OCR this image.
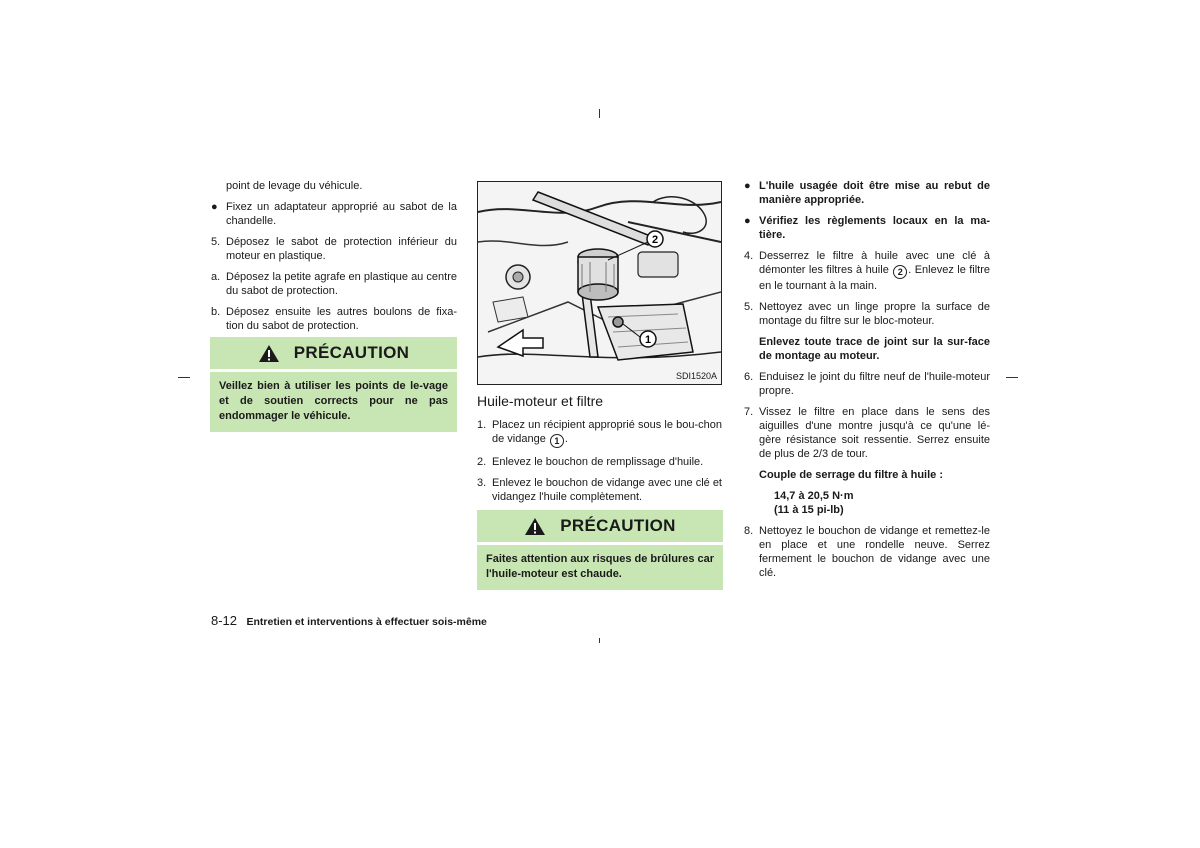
point de levage du véhicule.

● Fixez un adaptateur approprié au sabot de la chandelle.
5. Déposez le sabot de protection inférieur du moteur en plastique.
a. Déposez la petite agrafe en plastique au centre du sabot de protection.
b. Déposez ensuite les autres boulons de fixa-tion du sabot de protection.
PRÉCAUTION
Veillez bien à utiliser les points de le-vage et de soutien corrects pour ne pas endommager le véhicule.
2
1
SDI1520A
Huile-moteur et filtre
1. Placez un récipient approprié sous le bou-chon de vidange 1 .
2. Enlevez le bouchon de remplissage d'huile.
3. Enlevez le bouchon de vidange avec une clé et vidangez l'huile complètement.
PRÉCAUTION
Faites attention aux risques de brûlures car l'huile-moteur est chaude.
● L'huile usagée doit être mise au rebut de manière appropriée.
● Vérifiez les règlements locaux en la ma-tière.
4. Desserrez le filtre à huile avec une clé à démonter les filtres à huile 2 . Enlevez le filtre en le tournant à la main.
5. Nettoyez avec un linge propre la surface de montage du filtre sur le bloc-moteur.

Enlevez toute trace de joint sur la sur-face de montage au moteur.

6. Enduisez le joint du filtre neuf de l'huile-moteur propre.
7. Vissez le filtre en place dans le sens des aiguilles d'une montre jusqu'à ce qu'une lé-gère résistance soit ressentie. Serrez ensuite de plus de 2/3 de tour.

Couple de serrage du filtre à huile :

14,7 à 20,5 N·m

(11 à 15 pi-lb)

8. Nettoyez le bouchon de vidange et remettez-le en place et une rondelle neuve. Serrez fermement le bouchon de vidange avec une clé.
8-12 Entretien et interventions à effectuer sois-même
